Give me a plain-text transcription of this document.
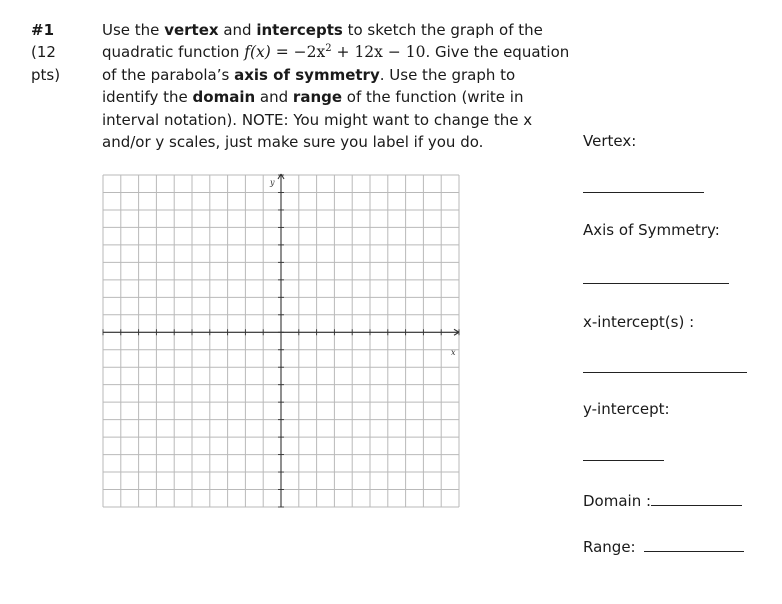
#1
(12
pts)
Use the vertex and intercepts to sketch the graph of the quadratic function $f(x) = -2x^2 + 12x - 10$. Give the equation of the parabola’s axis of symmetry. Use the graph to identify the domain and range of the function (write in interval notation). NOTE: You might want to change the x and/or y scales, just make sure you label if you do.
x
y
Vertex:
Axis of Symmetry:
x-intercept(s) :
y-intercept:
Domain :
Range:
